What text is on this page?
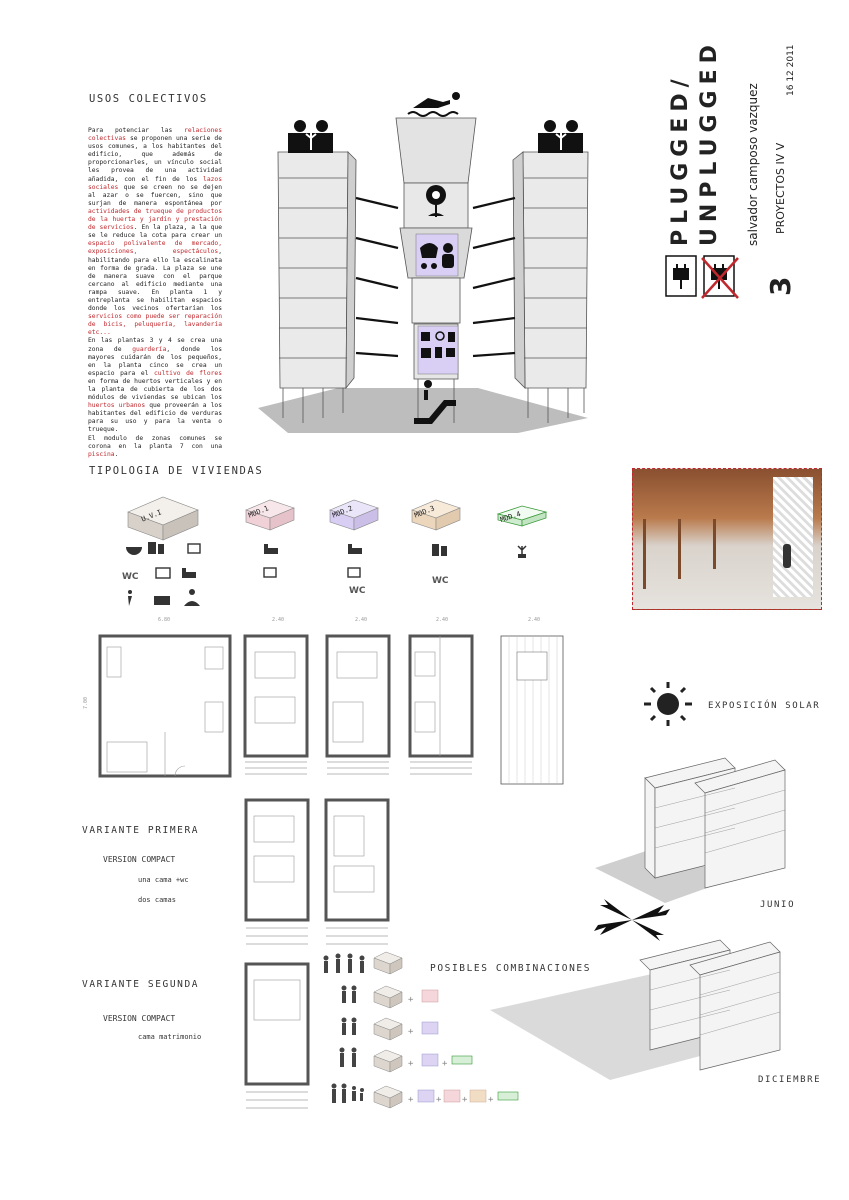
USOS COLECTIVOS
Para potenciar las relaciones colectivas se proponen una serie de usos comunes, a los habitantes del edificio, que además de proporcionarles, un vínculo social les provea de una actividad añadida, con el fin de los lazos sociales que se creen no se dejen al azar o se fuercen, sino que surjan de manera espontánea por actividades de trueque de productos de la huerta y jardín y prestación de servicios. En la plaza, a la que se le reduce la cota para crear un espacio polivalente de mercado, exposiciones, espectáculos, habilitando para ello la escalinata en forma de grada. La plaza se une de manera suave con el parque cercano al edificio mediante una rampa suave. En planta 1 y entreplanta se habilitan espacios donde los vecinos ofertarían los servicios como puede ser reparación de bicis, peluquería, lavandería etc...
En las plantas 3 y 4 se crea una zona de guardería, donde los mayores cuidarán de los pequeños, en la planta cinco se crea un espacio para el cultivo de flores en forma de huertos verticales y en la planta de cubierta de los dos módulos de viviendas se ubican los huertos urbanos que proveerán a los habitantes del edificio de verduras para su uso y para la venta o trueque.
El modulo de zonas comunes se corona en la planta 7 con una piscina.
PLUGGED/ UNPLUGGED salvador camposo vazquez PROYECTOS IV V
16 12 2011
3
TIPOLOGIA DE VIVIENDAS
U.V.I	MOD.1	MOD.2	MOD.3	MOD.4
WC
WC
WC
6.80	2.40	2.40	2.40	2.40
7.00
VARIANTE PRIMERA
VERSION COMPACT
una cama +wc
dos camas
VARIANTE SEGUNDA
VERSION COMPACT
cama matrimonio
POSIBLES COMBINACIONES
+
+
+	+
+	+ + +
EXPOSICIÓN SOLAR
JUNIO
DICIEMBRE
